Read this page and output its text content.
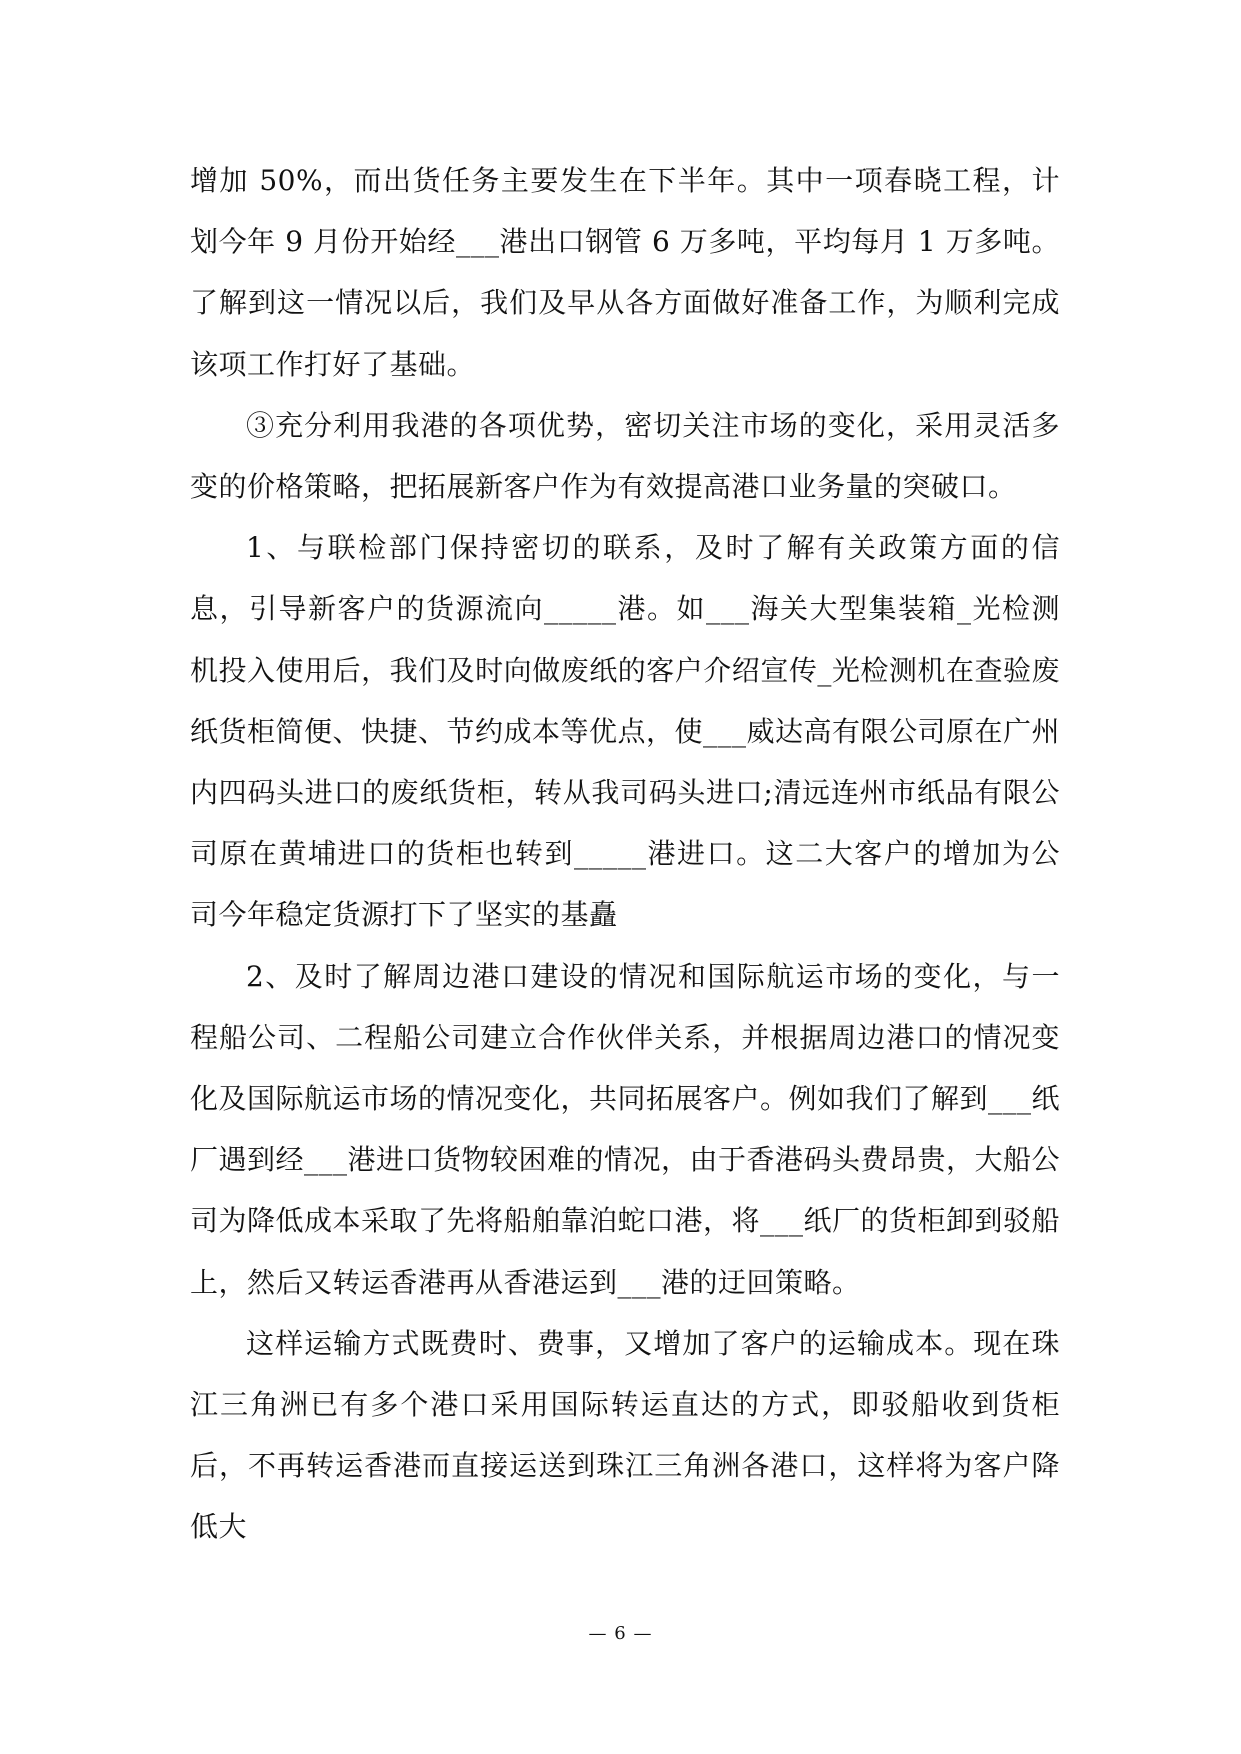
增加 50%，而出货任务主要发生在下半年。其中一项春晓工程，计划今年 9 月份开始经___港出口钢管 6 万多吨，平均每月 1 万多吨。了解到这一情况以后，我们及早从各方面做好准备工作，为顺利完成该项工作打好了基础。

③充分利用我港的各项优势，密切关注市场的变化，采用灵活多变的价格策略，把拓展新客户作为有效提高港口业务量的突破口。

1、与联检部门保持密切的联系，及时了解有关政策方面的信息，引导新客户的货源流向_____港。如___海关大型集装箱_光检测机投入使用后，我们及时向做废纸的客户介绍宣传_光检测机在查验废纸货柜简便、快捷、节约成本等优点，使___威达高有限公司原在广州内四码头进口的废纸货柜，转从我司码头进口;清远连州市纸品有限公司原在黄埔进口的货柜也转到_____港进口。这二大客户的增加为公司今年稳定货源打下了坚实的基矗

2、及时了解周边港口建设的情况和国际航运市场的变化，与一程船公司、二程船公司建立合作伙伴关系，并根据周边港口的情况变化及国际航运市场的情况变化，共同拓展客户。例如我们了解到___纸厂遇到经___港进口货物较困难的情况，由于香港码头费昂贵，大船公司为降低成本采取了先将船舶靠泊蛇口港，将___纸厂的货柜卸到驳船上，然后又转运香港再从香港运到___港的迂回策略。

这样运输方式既费时、费事，又增加了客户的运输成本。现在珠江三角洲已有多个港口采用国际转运直达的方式，即驳船收到货柜后，不再转运香港而直接运送到珠江三角洲各港口，这样将为客户降低大

— 6 —
